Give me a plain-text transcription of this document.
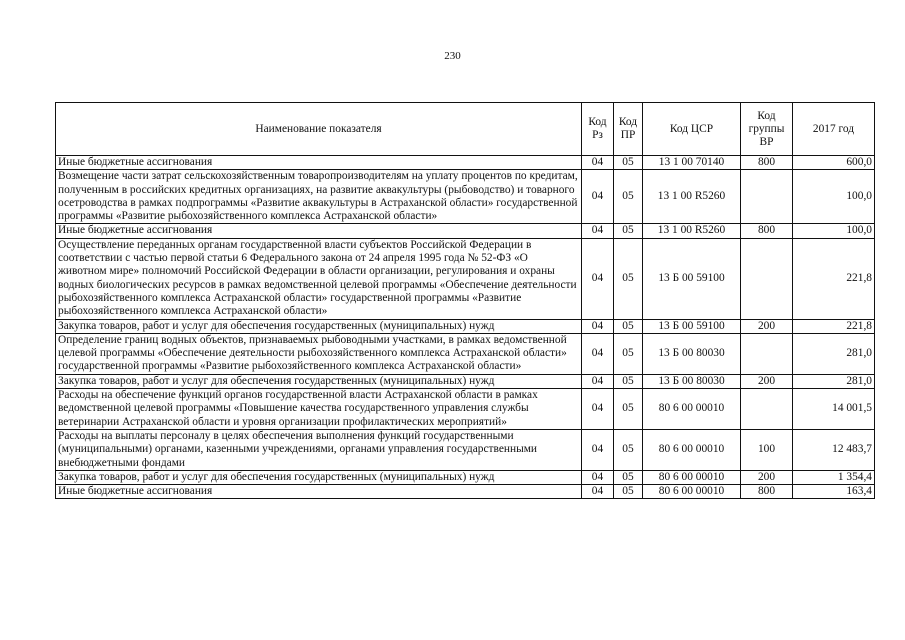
230
Наименование показателя	Код Рз	Код ПР	Код ЦСР	Код группы ВР	2017 год
Иные бюджетные ассигнования	04	05	13 1 00 70140	800	600,0
Возмещение части затрат сельскохозяйственным товаропроизводителям на уплату процентов по кредитам, полученным в российских кредитных организациях, на развитие аквакультуры (рыбоводство) и товарного осетроводства в рамках подпрограммы «Развитие аквакультуры в Астраханской области» государственной программы «Развитие рыбохозяйственного комплекса Астраханской области»	04	05	13 1 00 R5260		100,0
Иные бюджетные ассигнования	04	05	13 1 00 R5260	800	100,0
Осуществление переданных органам государственной власти субъектов Российской Федерации в соответствии с частью первой статьи 6 Федерального закона от 24 апреля 1995 года № 52-ФЗ «О животном мире» полномочий Российской Федерации в области организации, регулирования и охраны водных биологических ресурсов в рамках ведомственной целевой программы «Обеспечение деятельности рыбохозяйственного комплекса Астраханской области» государственной программы «Развитие рыбохозяйственного комплекса Астраханской области»	04	05	13 Б 00 59100		221,8
Закупка товаров, работ и услуг для обеспечения государственных (муниципальных) нужд	04	05	13 Б 00 59100	200	221,8
Определение границ водных объектов, признаваемых рыбоводными участками, в рамках ведомственной целевой программы «Обеспечение деятельности рыбохозяйственного комплекса Астраханской области» государственной программы «Развитие рыбохозяйственного комплекса Астраханской области»	04	05	13 Б 00 80030		281,0
Закупка товаров, работ и услуг для обеспечения государственных (муниципальных) нужд	04	05	13 Б 00 80030	200	281,0
Расходы на обеспечение функций органов государственной власти Астраханской области в рамках ведомственной целевой программы «Повышение качества государственного управления службы ветеринарии Астраханской области и уровня организации профилактических мероприятий»	04	05	80 6 00 00010		14 001,5
Расходы на выплаты персоналу в целях обеспечения выполнения функций государственными (муниципальными) органами, казенными учреждениями, органами управления государственными внебюджетными фондами	04	05	80 6 00 00010	100	12 483,7
Закупка товаров, работ и услуг для обеспечения государственных (муниципальных) нужд	04	05	80 6 00 00010	200	1 354,4
Иные бюджетные ассигнования	04	05	80 6 00 00010	800	163,4
